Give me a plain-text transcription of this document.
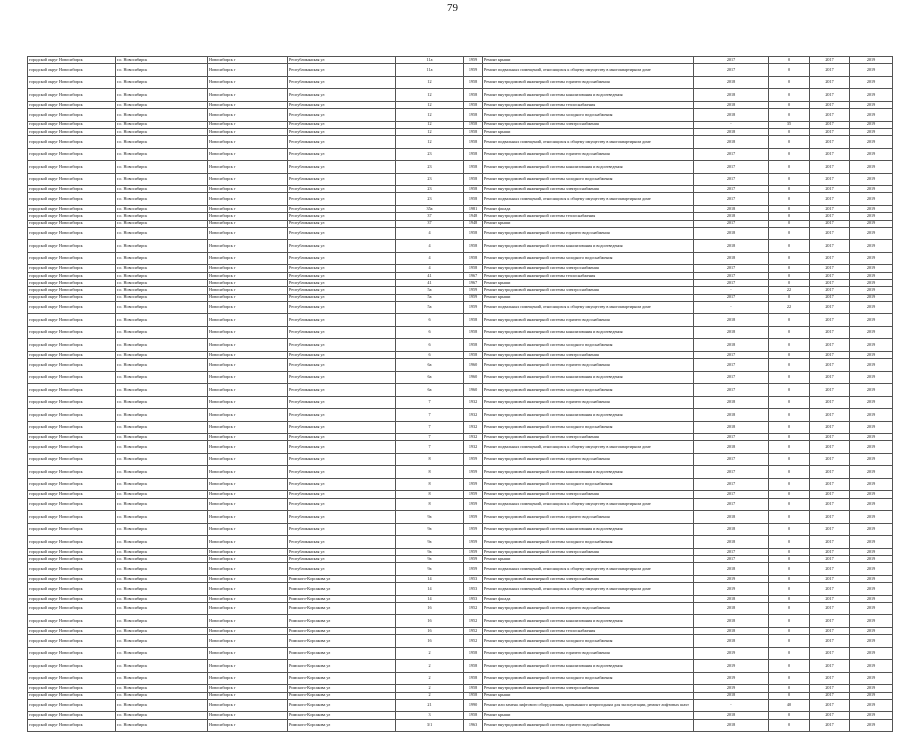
79
городской округ Новосибирск	г.о. Новосибирск	Новосибирск г	Республиканская ул	11а	1959	Ремонт крыши	2017	0	2017	2019
городской округ Новосибирск	г.о. Новосибирск	Новосибирск г	Республиканская ул	11а	1959	Ремонт подвальных помещений, относящихся к общему имуществу в многоквартирном доме	2017	0	2017	2019
городской округ Новосибирск	г.о. Новосибирск	Новосибирск г	Республиканская ул	12	1958	Ремонт внутридомовой инженерной системы горячего водоснабжения	2018	0	2017	2019
городской округ Новосибирск	г.о. Новосибирск	Новосибирск г	Республиканская ул	12	1958	Ремонт внутридомовой инженерной системы канализования и водоотведения	2018	0	2017	2019
городской округ Новосибирск	г.о. Новосибирск	Новосибирск г	Республиканская ул	12	1958	Ремонт внутридомовой инженерной системы теплоснабжения	2018	0	2017	2019
городской округ Новосибирск	г.о. Новосибирск	Новосибирск г	Республиканская ул	12	1958	Ремонт внутридомовой инженерной системы холодного водоснабжения	2018	0	2017	2019
городской округ Новосибирск	г.о. Новосибирск	Новосибирск г	Республиканская ул	12	1958	Ремонт внутридомовой инженерной системы электроснабжения	-	35	2017	2019
городской округ Новосибирск	г.о. Новосибирск	Новосибирск г	Республиканская ул	12	1958	Ремонт крыши	2018	0	2017	2019
городской округ Новосибирск	г.о. Новосибирск	Новосибирск г	Республиканская ул	12	1958	Ремонт подвальных помещений, относящихся к общему имуществу в многоквартирном доме	2018	0	2017	2019
городской округ Новосибирск	г.о. Новосибирск	Новосибирск г	Республиканская ул	23	1958	Ремонт внутридомовой инженерной системы горячего водоснабжения	2017	0	2017	2019
городской округ Новосибирск	г.о. Новосибирск	Новосибирск г	Республиканская ул	23	1958	Ремонт внутридомовой инженерной системы канализования и водоотведения	2017	0	2017	2019
городской округ Новосибирск	г.о. Новосибирск	Новосибирск г	Республиканская ул	23	1958	Ремонт внутридомовой инженерной системы холодного водоснабжения	2017	0	2017	2019
городской округ Новосибирск	г.о. Новосибирск	Новосибирск г	Республиканская ул	23	1958	Ремонт внутридомовой инженерной системы электроснабжения	2017	0	2017	2019
городской округ Новосибирск	г.о. Новосибирск	Новосибирск г	Республиканская ул	23	1958	Ремонт подвальных помещений, относящихся к общему имуществу в многоквартирном доме	2017	0	2017	2019
городской округ Новосибирск	г.о. Новосибирск	Новосибирск г	Республиканская ул	35а	1981	Ремонт фасада	2018	0	2017	2019
городской округ Новосибирск	г.о. Новосибирск	Новосибирск г	Республиканская ул	37	1948	Ремонт внутридомовой инженерной системы теплоснабжения	2018	0	2017	2019
городской округ Новосибирск	г.о. Новосибирск	Новосибирск г	Республиканская ул	37	1948	Ремонт крыши	2017	0	2017	2019
городской округ Новосибирск	г.о. Новосибирск	Новосибирск г	Республиканская ул	4	1958	Ремонт внутридомовой инженерной системы горячего водоснабжения	2018	0	2017	2019
городской округ Новосибирск	г.о. Новосибирск	Новосибирск г	Республиканская ул	4	1958	Ремонт внутридомовой инженерной системы канализования и водоотведения	2018	0	2017	2019
городской округ Новосибирск	г.о. Новосибирск	Новосибирск г	Республиканская ул	4	1958	Ремонт внутридомовой инженерной системы холодного водоснабжения	2018	0	2017	2019
городской округ Новосибирск	г.о. Новосибирск	Новосибирск г	Республиканская ул	4	1958	Ремонт внутридомовой инженерной системы электроснабжения	2017	0	2017	2019
городской округ Новосибирск	г.о. Новосибирск	Новосибирск г	Республиканская ул	41	1967	Ремонт внутридомовой инженерной системы теплоснабжения	2017	0	2017	2019
городской округ Новосибирск	г.о. Новосибирск	Новосибирск г	Республиканская ул	41	1967	Ремонт крыши	2017	0	2017	2019
городской округ Новосибирск	г.о. Новосибирск	Новосибирск г	Республиканская ул	5а	1959	Ремонт внутридомовой инженерной системы электроснабжения	-	22	2017	2019
городской округ Новосибирск	г.о. Новосибирск	Новосибирск г	Республиканская ул	5а	1959	Ремонт крыши	2017	0	2017	2019
городской округ Новосибирск	г.о. Новосибирск	Новосибирск г	Республиканская ул	5а	1959	Ремонт подвальных помещений, относящихся к общему имуществу в многоквартирном доме	-	22	2017	2019
городской округ Новосибирск	г.о. Новосибирск	Новосибирск г	Республиканская ул	6	1958	Ремонт внутридомовой инженерной системы горячего водоснабжения	2018	0	2017	2019
городской округ Новосибирск	г.о. Новосибирск	Новосибирск г	Республиканская ул	6	1958	Ремонт внутридомовой инженерной системы канализования и водоотведения	2018	0	2017	2019
городской округ Новосибирск	г.о. Новосибирск	Новосибирск г	Республиканская ул	6	1958	Ремонт внутридомовой инженерной системы холодного водоснабжения	2018	0	2017	2019
городской округ Новосибирск	г.о. Новосибирск	Новосибирск г	Республиканская ул	6	1958	Ремонт внутридомовой инженерной системы электроснабжения	2017	0	2017	2019
городской округ Новосибирск	г.о. Новосибирск	Новосибирск г	Республиканская ул	6а	1960	Ремонт внутридомовой инженерной системы горячего водоснабжения	2017	0	2017	2019
городской округ Новосибирск	г.о. Новосибирск	Новосибирск г	Республиканская ул	6а	1960	Ремонт внутридомовой инженерной системы канализования и водоотведения	2017	0	2017	2019
городской округ Новосибирск	г.о. Новосибирск	Новосибирск г	Республиканская ул	6а	1960	Ремонт внутридомовой инженерной системы холодного водоснабжения	2017	0	2017	2019
городской округ Новосибирск	г.о. Новосибирск	Новосибирск г	Республиканская ул	7	1932	Ремонт внутридомовой инженерной системы горячего водоснабжения	2018	0	2017	2019
городской округ Новосибирск	г.о. Новосибирск	Новосибирск г	Республиканская ул	7	1932	Ремонт внутридомовой инженерной системы канализования и водоотведения	2018	0	2017	2019
городской округ Новосибирск	г.о. Новосибирск	Новосибирск г	Республиканская ул	7	1932	Ремонт внутридомовой инженерной системы холодного водоснабжения	2018	0	2017	2019
городской округ Новосибирск	г.о. Новосибирск	Новосибирск г	Республиканская ул	7	1932	Ремонт внутридомовой инженерной системы электроснабжения	2017	0	2017	2019
городской округ Новосибирск	г.о. Новосибирск	Новосибирск г	Республиканская ул	7	1932	Ремонт подвальных помещений, относящихся к общему имуществу в многоквартирном доме	2018	0	2017	2019
городской округ Новосибирск	г.о. Новосибирск	Новосибирск г	Республиканская ул	8	1959	Ремонт внутридомовой инженерной системы горячего водоснабжения	2017	0	2017	2019
городской округ Новосибирск	г.о. Новосибирск	Новосибирск г	Республиканская ул	8	1959	Ремонт внутридомовой инженерной системы канализования и водоотведения	2017	0	2017	2019
городской округ Новосибирск	г.о. Новосибирск	Новосибирск г	Республиканская ул	8	1959	Ремонт внутридомовой инженерной системы холодного водоснабжения	2017	0	2017	2019
городской округ Новосибирск	г.о. Новосибирск	Новосибирск г	Республиканская ул	8	1959	Ремонт внутридомовой инженерной системы электроснабжения	2017	0	2017	2019
городской округ Новосибирск	г.о. Новосибирск	Новосибирск г	Республиканская ул	8	1959	Ремонт подвальных помещений, относящихся к общему имуществу в многоквартирном доме	2017	0	2017	2019
городской округ Новосибирск	г.о. Новосибирск	Новосибирск г	Республиканская ул	9а	1959	Ремонт внутридомовой инженерной системы горячего водоснабжения	2018	0	2017	2019
городской округ Новосибирск	г.о. Новосибирск	Новосибирск г	Республиканская ул	9а	1959	Ремонт внутридомовой инженерной системы канализования и водоотведения	2018	0	2017	2019
городской округ Новосибирск	г.о. Новосибирск	Новосибирск г	Республиканская ул	9а	1959	Ремонт внутридомовой инженерной системы холодного водоснабжения	2018	0	2017	2019
городской округ Новосибирск	г.о. Новосибирск	Новосибирск г	Республиканская ул	9а	1959	Ремонт внутридомовой инженерной системы электроснабжения	2017	0	2017	2019
городской округ Новосибирск	г.о. Новосибирск	Новосибирск г	Республиканская ул	9а	1959	Ремонт крыши	2017	0	2017	2019
городской округ Новосибирск	г.о. Новосибирск	Новосибирск г	Республиканская ул	9а	1959	Ремонт подвальных помещений, относящихся к общему имуществу в многоквартирном доме	2018	0	2017	2019
городской округ Новосибирск	г.о. Новосибирск	Новосибирск г	Римского-Корсакова ул	14	1953	Ремонт внутридомовой инженерной системы электроснабжения	2019	0	2017	2019
городской округ Новосибирск	г.о. Новосибирск	Новосибирск г	Римского-Корсакова ул	14	1953	Ремонт подвальных помещений, относящихся к общему имуществу в многоквартирном доме	2019	0	2017	2019
городской округ Новосибирск	г.о. Новосибирск	Новосибирск г	Римского-Корсакова ул	14	1953	Ремонт фасада	2018	0	2017	2019
городской округ Новосибирск	г.о. Новосибирск	Новосибирск г	Римского-Корсакова ул	16	1952	Ремонт внутридомовой инженерной системы горячего водоснабжения	2018	0	2017	2019
городской округ Новосибирск	г.о. Новосибирск	Новосибирск г	Римского-Корсакова ул	16	1952	Ремонт внутридомовой инженерной системы канализования и водоотведения	2018	0	2017	2019
городской округ Новосибирск	г.о. Новосибирск	Новосибирск г	Римского-Корсакова ул	16	1952	Ремонт внутридомовой инженерной системы теплоснабжения	2018	0	2017	2019
городской округ Новосибирск	г.о. Новосибирск	Новосибирск г	Римского-Корсакова ул	16	1952	Ремонт внутридомовой инженерной системы холодного водоснабжения	2018	0	2017	2019
городской округ Новосибирск	г.о. Новосибирск	Новосибирск г	Римского-Корсакова ул	2	1958	Ремонт внутридомовой инженерной системы горячего водоснабжения	2019	0	2017	2019
городской округ Новосибирск	г.о. Новосибирск	Новосибирск г	Римского-Корсакова ул	2	1958	Ремонт внутридомовой инженерной системы канализования и водоотведения	2019	0	2017	2019
городской округ Новосибирск	г.о. Новосибирск	Новосибирск г	Римского-Корсакова ул	2	1958	Ремонт внутридомовой инженерной системы холодного водоснабжения	2019	0	2017	2019
городской округ Новосибирск	г.о. Новосибирск	Новосибирск г	Римского-Корсакова ул	2	1958	Ремонт внутридомовой инженерной системы электроснабжения	2019	0	2017	2019
городской округ Новосибирск	г.о. Новосибирск	Новосибирск г	Римского-Корсакова ул	2	1958	Ремонт крыши	2018	0	2017	2019
городской округ Новосибирск	г.о. Новосибирск	Новосибирск г	Римского-Корсакова ул	21	1990	Ремонт или замена лифтового оборудования, признанного непригодным для эксплуатации, ремонт лифтовых шахт	-	40	2017	2019
городской округ Новосибирск	г.о. Новосибирск	Новосибирск г	Римского-Корсакова ул	3	1958	Ремонт крыши	2018	0	2017	2019
городской округ Новосибирск	г.о. Новосибирск	Новосибирск г	Римского-Корсакова ул	3/1	1963	Ремонт внутридомовой инженерной системы горячего водоснабжения	2018	0	2017	2019
